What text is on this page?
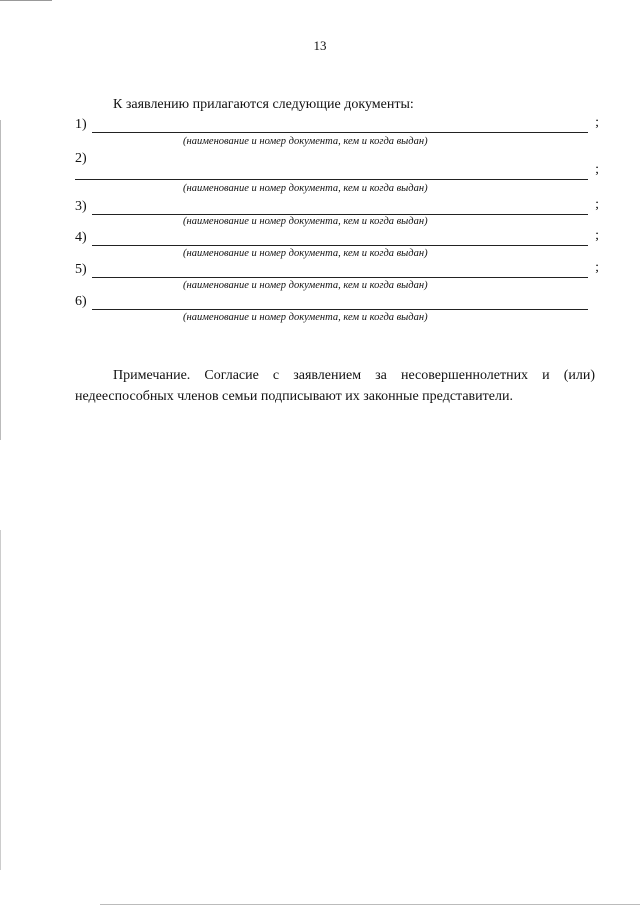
13
К заявлению прилагаются следующие документы:
1)	;
(наименование и номер документа, кем и когда выдан)
2)
;
(наименование и номер документа, кем и когда выдан)
3)	;
(наименование и номер документа, кем и когда выдан)
4)	;
(наименование и номер документа, кем и когда выдан)
5)	;
(наименование и номер документа, кем и когда выдан)
6)
(наименование и номер документа, кем и когда выдан)

Примечание. Согласие с заявлением за несовершеннолетних и (или) недееспособных членов семьи подписывают их законные представители.
